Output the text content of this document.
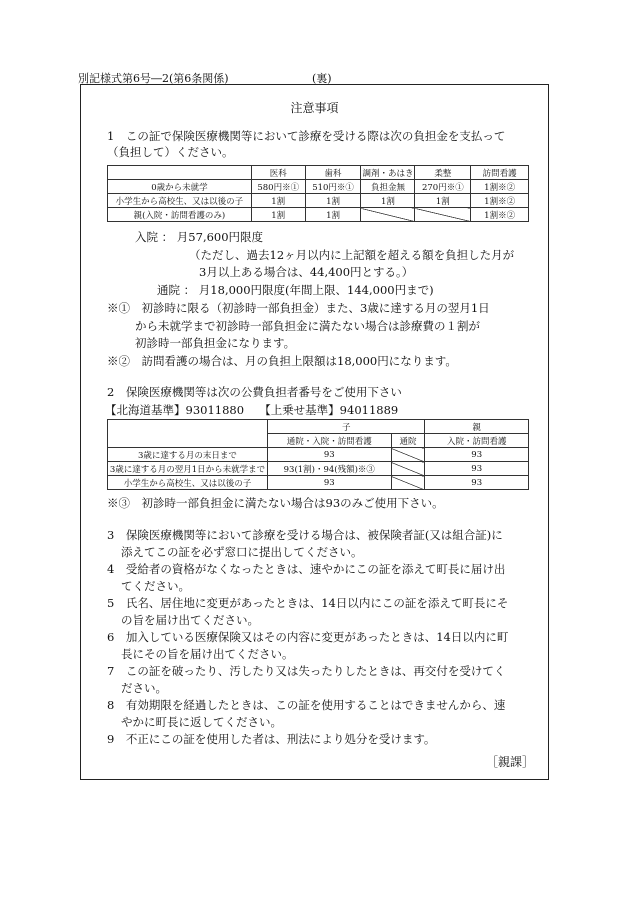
別記様式第6号―2(第6条関係)	(裏)
注意事項
1　この証で保険医療機関等において診療を受ける際は次の負担金を支払って
（負担して）ください。
	医科	歯科	調剤・あはき	柔整	訪問看護
0歳から未就学	580円※①	510円※①	負担金無	270円※①	1割※②
小学生から高校生、又は以後の子	1割	1割	1割	1割	1割※②
親(入院・訪問看護のみ)	1割	1割			1割※②
入院 ： 月57,600円限度
（ただし、過去12ヶ月以内に上記額を超える額を負担した月が
3月以上ある場合は、44,400円とする。）
通院 ： 月18,000円限度(年間上限、144,000円まで)
※①　初診時に限る（初診時一部負担金）また、3歳に達する月の翌月1日
から未就学まで初診時一部負担金に満たない場合は診療費の１割が
初診時一部負担金になります。
※②　訪問看護の場合は、月の負担上限額は18,000円になります。
2　保険医療機関等は次の公費負担者番号をご使用下さい
【北海道基準】93011880　 【上乗せ基準】94011889
	子		親
	通院・入院・訪問看護	通院	入院・訪問看護
3歳に達する月の末日まで	93		93
3歳に達する月の翌月1日から未就学まで	93(1割)・94(残額)※③		93
小学生から高校生、又は以後の子	93		93
※③　初診時一部負担金に満たない場合は93のみご使用下さい。
3　保険医療機関等において診療を受ける場合は、被保険者証(又は組合証)に
添えてこの証を必ず窓口に提出してください。
4　受給者の資格がなくなったときは、速やかにこの証を添えて町長に届け出
てください。
5　氏名、居住地に変更があったときは、14日以内にこの証を添えて町長にそ
の旨を届け出てください。
6　加入している医療保険又はその内容に変更があったときは、14日以内に町
長にその旨を届け出てください。
7　この証を破ったり、汚したり又は失ったりしたときは、再交付を受けてく
ださい。
8　有効期限を経過したときは、この証を使用することはできませんから、速
やかに町長に返してください。
9　不正にこの証を使用した者は、刑法により処分を受けます。
［親課］
